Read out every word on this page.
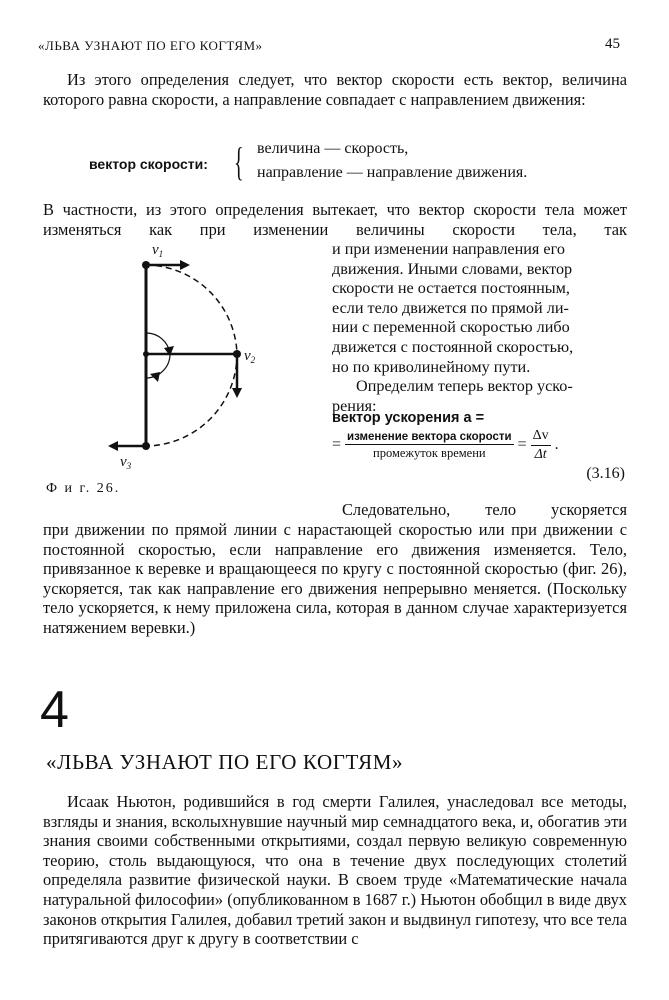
«ЛЬВА УЗНАЮТ ПО ЕГО КОГТЯМ»	45

Из этого определения следует, что вектор скорости есть вектор, величина которого равна скорости, а направление совпадает с направлением движения:

вектор скорости: { величина — скорость,
направление — направление движения.

В частности, из этого определения вытекает, что вектор скорости тела может изменяться как при изменении величины скорости тела, так

и при изменении направления его
движения. Иными словами, вектор
скорости не остается постоянным,
если тело движется по прямой ли-
нии с переменной скоростью либо
движется с постоянной скоростью,
но по криволинейному пути.
Определим теперь вектор уско-
рения:
вектор ускорения a =
= $\frac{\text{изменение вектора скорости}}{\text{промежуток времени}} = \frac{\Delta v}{\Delta t}$ .
(3.16)
$v_1$
$v_2$
$v_3$
Ф и г. 26.
Следовательно, тело ускоряется

при движении по прямой линии с нарастающей скоростью или при движении с постоянной скоростью, если направление его движения изменяется. Тело, привязанное к веревке и вращающееся по кругу с постоянной скоростью (фиг. 26), ускоряется, так как направление его движения непрерывно меняется. (Поскольку тело ускоряется, к нему приложена сила, которая в данном случае характеризуется натяжением веревки.)

4
«ЛЬВА УЗНАЮТ ПО ЕГО КОГТЯМ»

Исаак Ньютон, родившийся в год смерти Галилея, унаследовал все методы, взгляды и знания, всколыхнувшие научный мир семнадцатого века, и, обогатив эти знания своими собственными открытиями, создал первую великую современную теорию, столь выдающуюся, что она в течение двух последующих столетий определяла развитие физической науки. В своем труде «Математические начала натуральной философии» (опубликованном в 1687 г.) Ньютон обобщил в виде двух законов открытия Галилея, добавил третий закон и выдвинул гипотезу, что все тела притягиваются друг к другу в соответствии с
